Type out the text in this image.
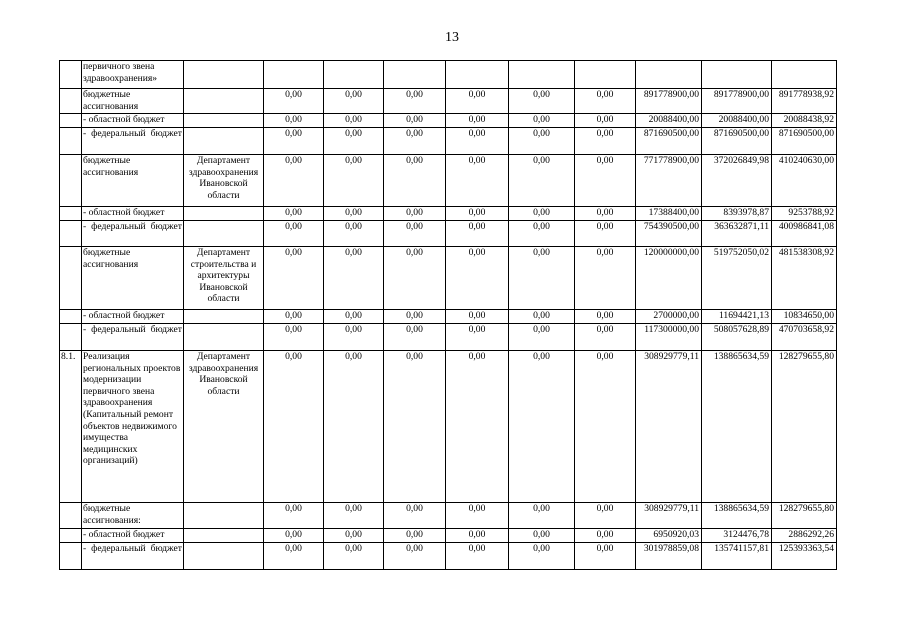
13
	первичного звена здравоохранения»										
	бюджетные ассигнования		0,00	0,00	0,00	0,00	0,00	0,00	891778900,00	891778900,00	891778938,92
	- областной бюджет		0,00	0,00	0,00	0,00	0,00	0,00	20088400,00	20088400,00	20088438,92
	- федеральный бюджет		0,00	0,00	0,00	0,00	0,00	0,00	871690500,00	871690500,00	871690500,00
	бюджетные ассигнования	Департамент здравоохранения Ивановской области	0,00	0,00	0,00	0,00	0,00	0,00	771778900,00	372026849,98	410240630,00
	- областной бюджет		0,00	0,00	0,00	0,00	0,00	0,00	17388400,00	8393978,87	9253788,92
	- федеральный бюджет		0,00	0,00	0,00	0,00	0,00	0,00	754390500,00	363632871,11	400986841,08
	бюджетные ассигнования	Департамент строительства и архитектуры Ивановской области	0,00	0,00	0,00	0,00	0,00	0,00	120000000,00	519752050,02	481538308,92
	- областной бюджет		0,00	0,00	0,00	0,00	0,00	0,00	2700000,00	11694421,13	10834650,00
	- федеральный бюджет		0,00	0,00	0,00	0,00	0,00	0,00	117300000,00	508057628,89	470703658,92
8.1.	Реализация региональных проектов модернизации первичного звена здравоохранения (Капитальный ремонт объектов недвижимого имущества медицинских организаций)	Департамент здравоохранения Ивановской области	0,00	0,00	0,00	0,00	0,00	0,00	308929779,11	138865634,59	128279655,80
	бюджетные ассигнования:		0,00	0,00	0,00	0,00	0,00	0,00	308929779,11	138865634,59	128279655,80
	- областной бюджет		0,00	0,00	0,00	0,00	0,00	0,00	6950920,03	3124476,78	2886292,26
	- федеральный бюджет		0,00	0,00	0,00	0,00	0,00	0,00	301978859,08	135741157,81	125393363,54
